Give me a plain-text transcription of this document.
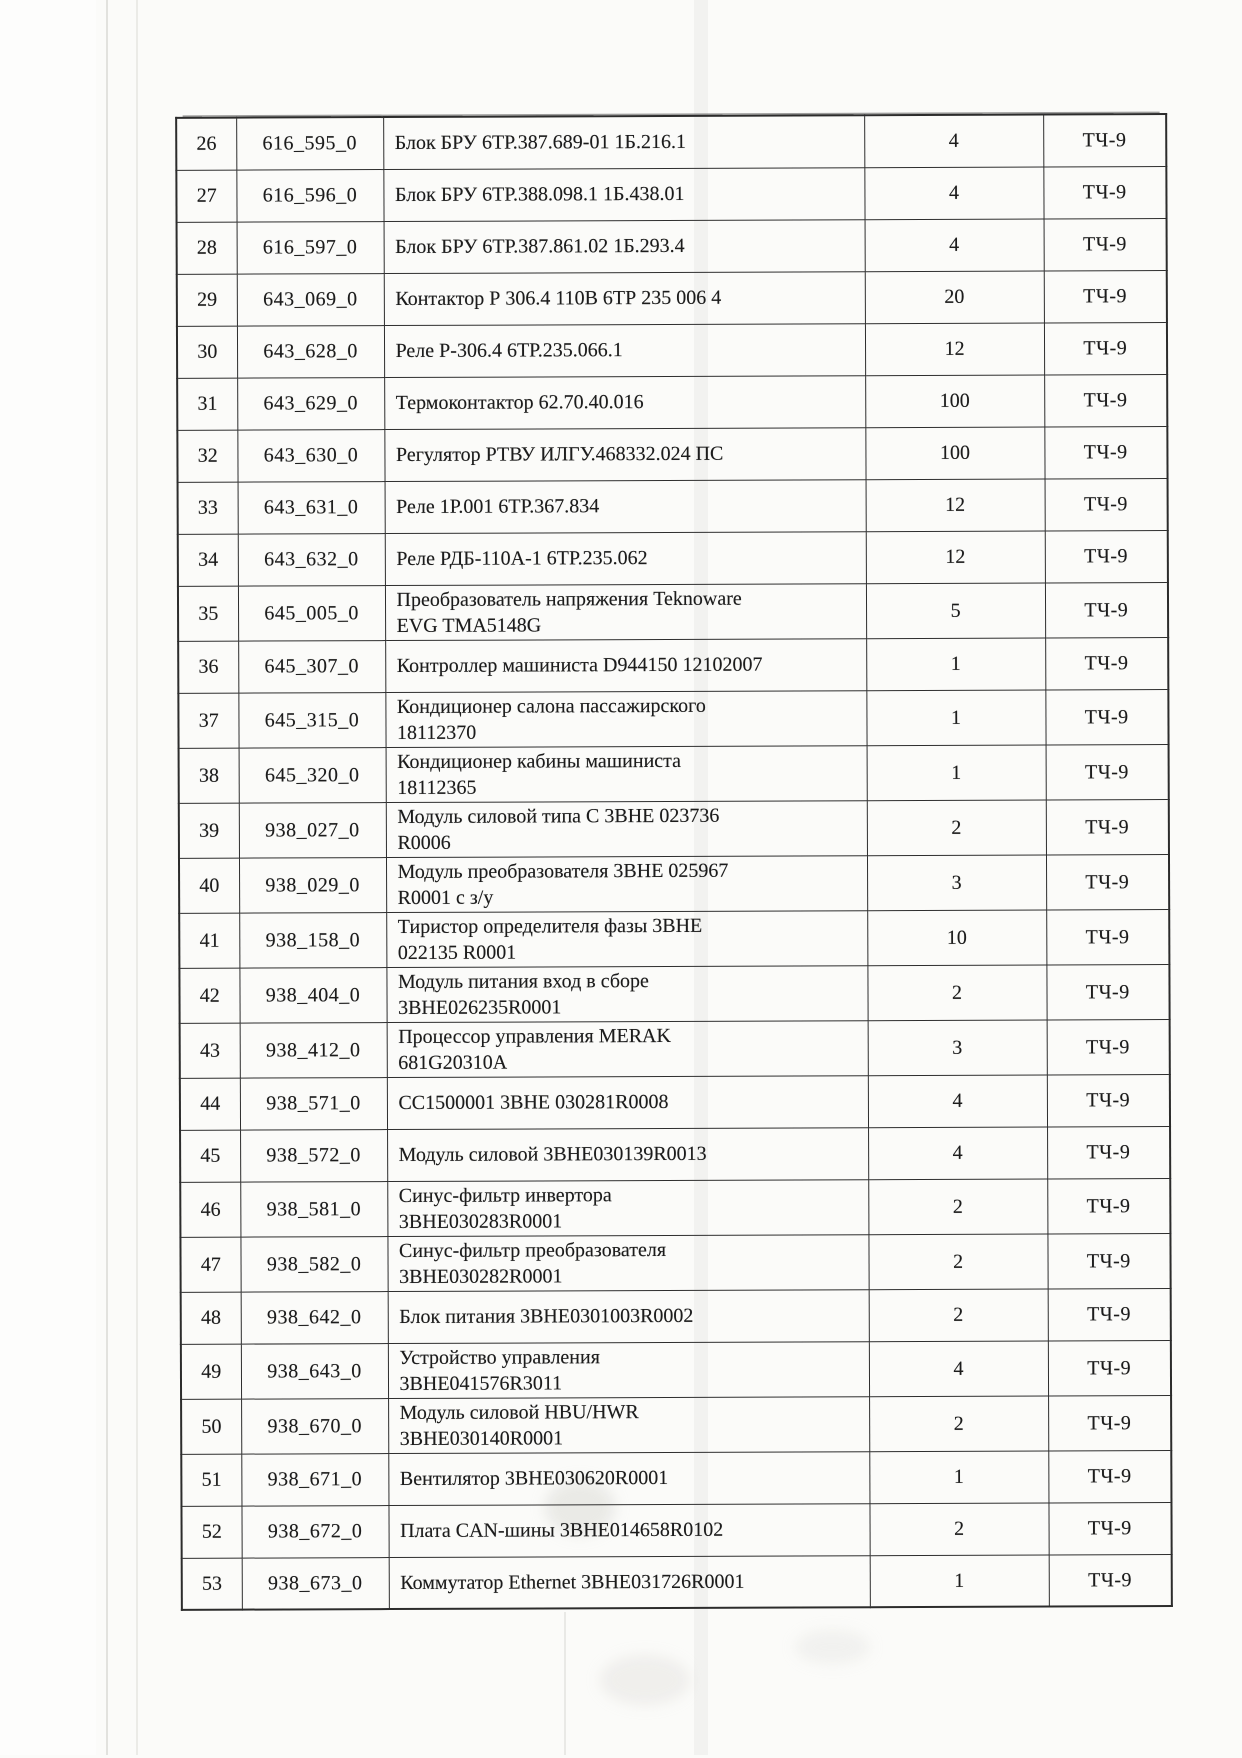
26	616_595_0	Блок БРУ 6ТР.387.689-01 1Б.216.1	4	ТЧ-9
27	616_596_0	Блок БРУ 6ТР.388.098.1 1Б.438.01	4	ТЧ-9
28	616_597_0	Блок БРУ 6ТР.387.861.02 1Б.293.4	4	ТЧ-9
29	643_069_0	Контактор Р 306.4 110В 6ТР 235 006 4	20	ТЧ-9
30	643_628_0	Реле Р-306.4 6ТР.235.066.1	12	ТЧ-9
31	643_629_0	Термоконтактор 62.70.40.016	100	ТЧ-9
32	643_630_0	Регулятор РТВУ ИЛГУ.468332.024 ПС	100	ТЧ-9
33	643_631_0	Реле 1Р.001 6ТР.367.834	12	ТЧ-9
34	643_632_0	Реле РДБ-110А-1 6ТР.235.062	12	ТЧ-9
35	645_005_0	Преобразователь напряжения Teknoware
EVG TMA5148G	5	ТЧ-9
36	645_307_0	Контроллер машиниста D944150 12102007	1	ТЧ-9
37	645_315_0	Кондиционер салона пассажирского
18112370	1	ТЧ-9
38	645_320_0	Кондиционер кабины машиниста
18112365	1	ТЧ-9
39	938_027_0	Модуль силовой типа С 3BHE 023736
R0006	2	ТЧ-9
40	938_029_0	Модуль преобразователя 3BHE 025967
R0001 с з/у	3	ТЧ-9
41	938_158_0	Тиристор определителя фазы 3BHE
022135 R0001	10	ТЧ-9
42	938_404_0	Модуль питания вход в сборе
3BHE026235R0001	2	ТЧ-9
43	938_412_0	Процессор управления MERAK
681G20310A	3	ТЧ-9
44	938_571_0	CC1500001 3BHE 030281R0008	4	ТЧ-9
45	938_572_0	Модуль силовой 3BHE030139R0013	4	ТЧ-9
46	938_581_0	Синус-фильтр инвертора
3BHE030283R0001	2	ТЧ-9
47	938_582_0	Синус-фильтр преобразователя
3BHE030282R0001	2	ТЧ-9
48	938_642_0	Блок питания 3BHE0301003R0002	2	ТЧ-9
49	938_643_0	Устройство управления
3BHE041576R3011	4	ТЧ-9
50	938_670_0	Модуль силовой HBU/HWR
3BHE030140R0001	2	ТЧ-9
51	938_671_0	Вентилятор 3BHE030620R0001	1	ТЧ-9
52	938_672_0	Плата CAN-шины 3BHE014658R0102	2	ТЧ-9
53	938_673_0	Коммутатор Ethernet 3BHE031726R0001	1	ТЧ-9
